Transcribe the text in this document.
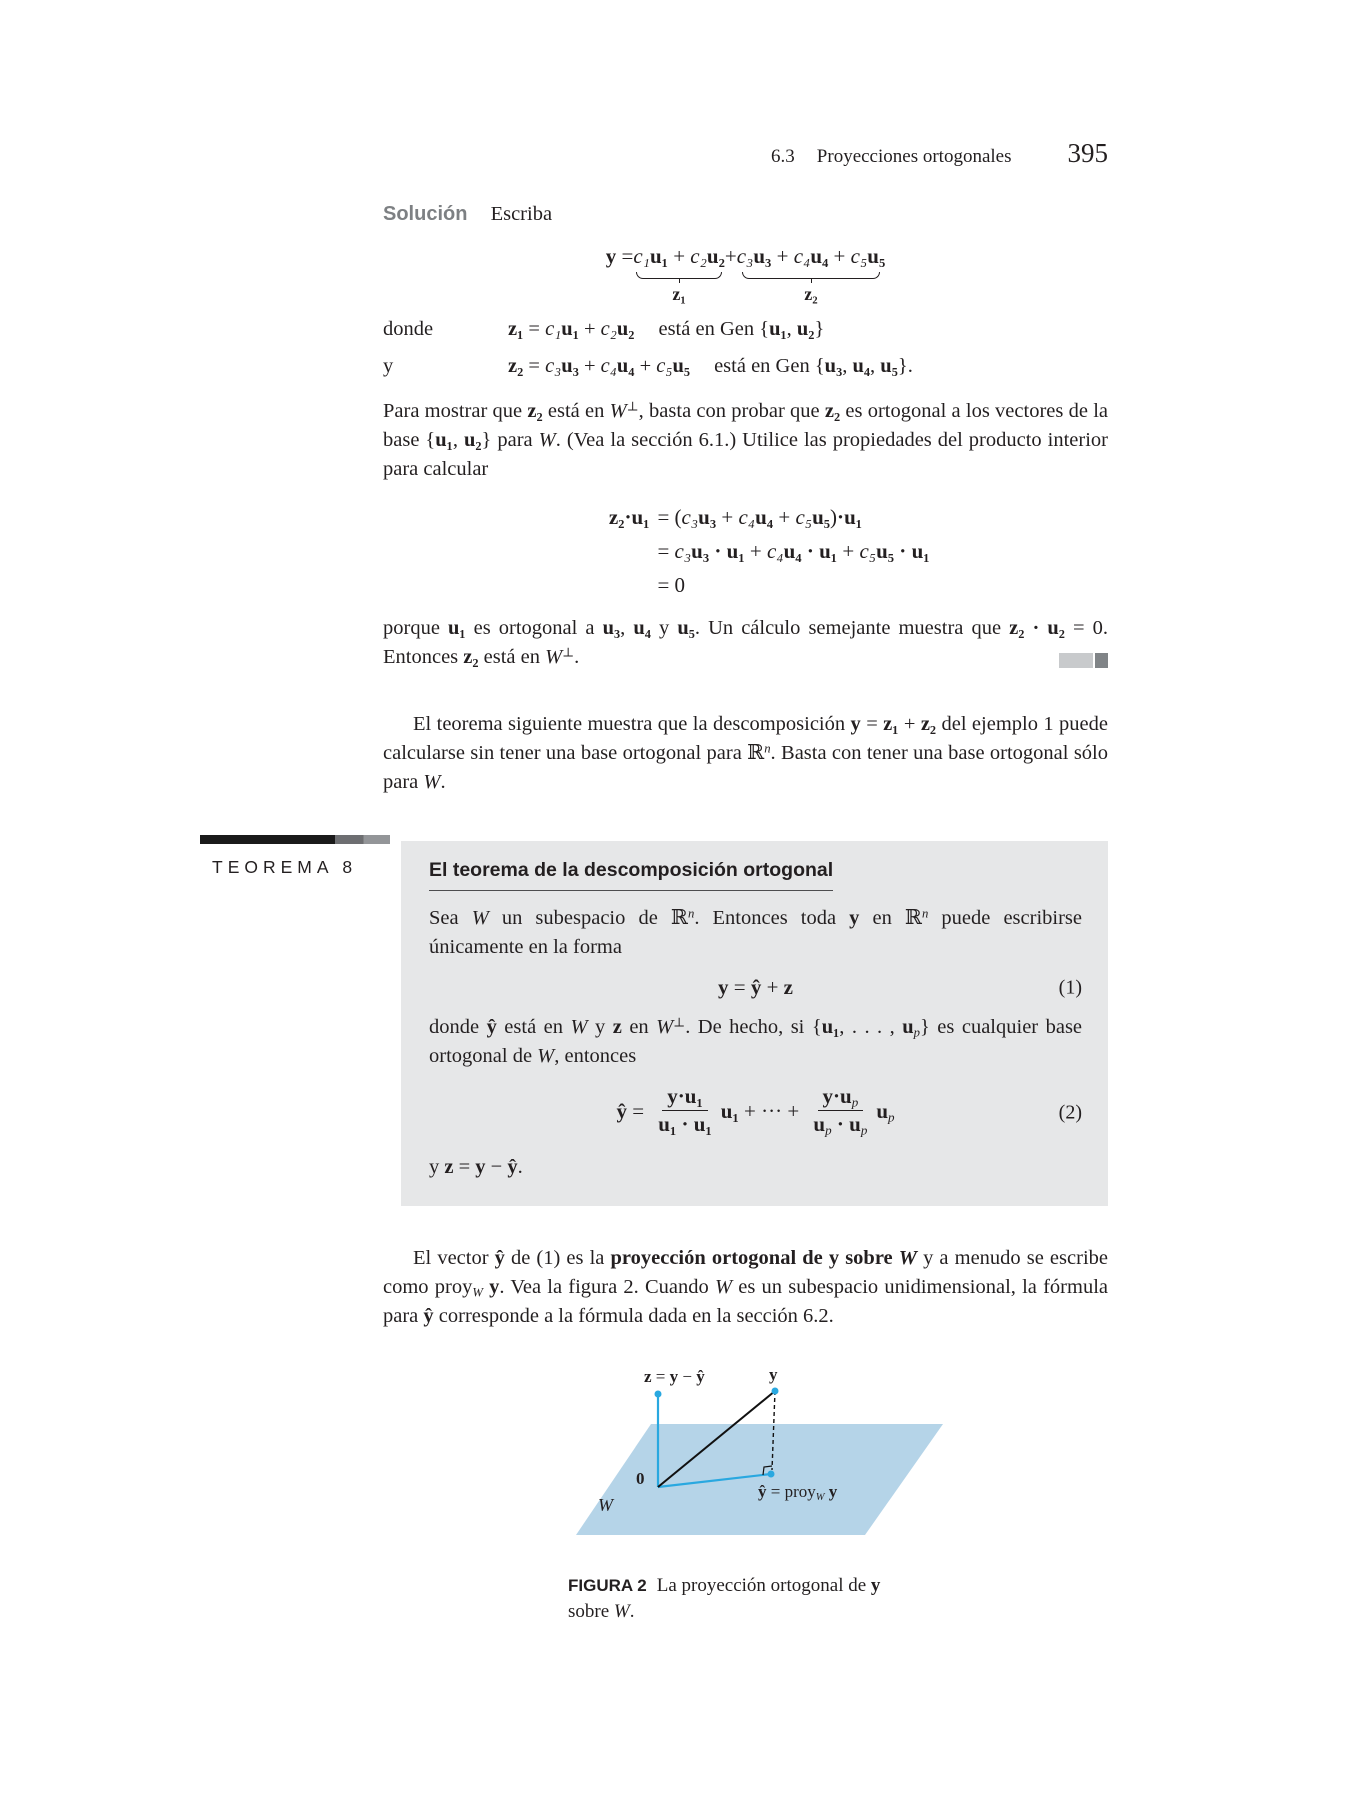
6.3 Proyecciones ortogonales 395

Solución Escriba

y = c₁u₁ + c₂u₂
z₁
+ c₃u₃ + c₄u₄ + c₅u₅
z₂
donde	z₁ = c₁u₁ + c₂u₂ está en Gen {u₁, u₂}
y	z₂ = c₃u₃ + c₄u₄ + c₅u₅ está en Gen {u₃, u₄, u₅}.

Para mostrar que z₂ está en W⊥, basta con probar que z₂ es ortogonal a los vectores de la base {u₁, u₂} para W. (Vea la sección 6.1.) Utilice las propiedades del producto interior para calcular

z₂·u₁ = (c₃u₃ + c₄u₄ + c₅u₅)·u₁
= c₃u₃ · u₁ + c₄u₄ · u₁ + c₅u₅ · u₁
= 0

porque u₁ es ortogonal a u₃, u₄ y u₅. Un cálculo semejante muestra que z₂ · u₂ = 0. Entonces z₂ está en W⊥.

El teorema siguiente muestra que la descomposición y = z₁ + z₂ del ejemplo 1 puede calcularse sin tener una base ortogonal para ℝ$^n$. Basta con tener una base ortogonal sólo para W.

TEOREMA 8	El teorema de la descomposición ortogonal

Sea W un subespacio de ℝ$^n$. Entonces toda y en ℝ$^n$ puede escribirse únicamente en la forma

y = ŷ + z	(1)

donde ŷ está en W y z en W⊥. De hecho, si {u₁, . . . , up} es cualquier base ortogonal de W, entonces

ŷ = $\frac{\text{y·u₁}}{\text{u₁ · u₁}} u_1$ + ··· + $\frac{y\cdot up}{up \cdot up}$ up	(2)

y z = y − ŷ.

El vector ŷ de (1) es la proyección ortogonal de y sobre W y a menudo se escribe como proyW y. Vea la figura 2. Cuando W es un subespacio unidimensional, la fórmula para ŷ corresponde a la fórmula dada en la sección 6.2.

z = y − ŷ	y
0
ŷ = proyW y
W

FIGURA 2 La proyección ortogonal de y sobre W.
